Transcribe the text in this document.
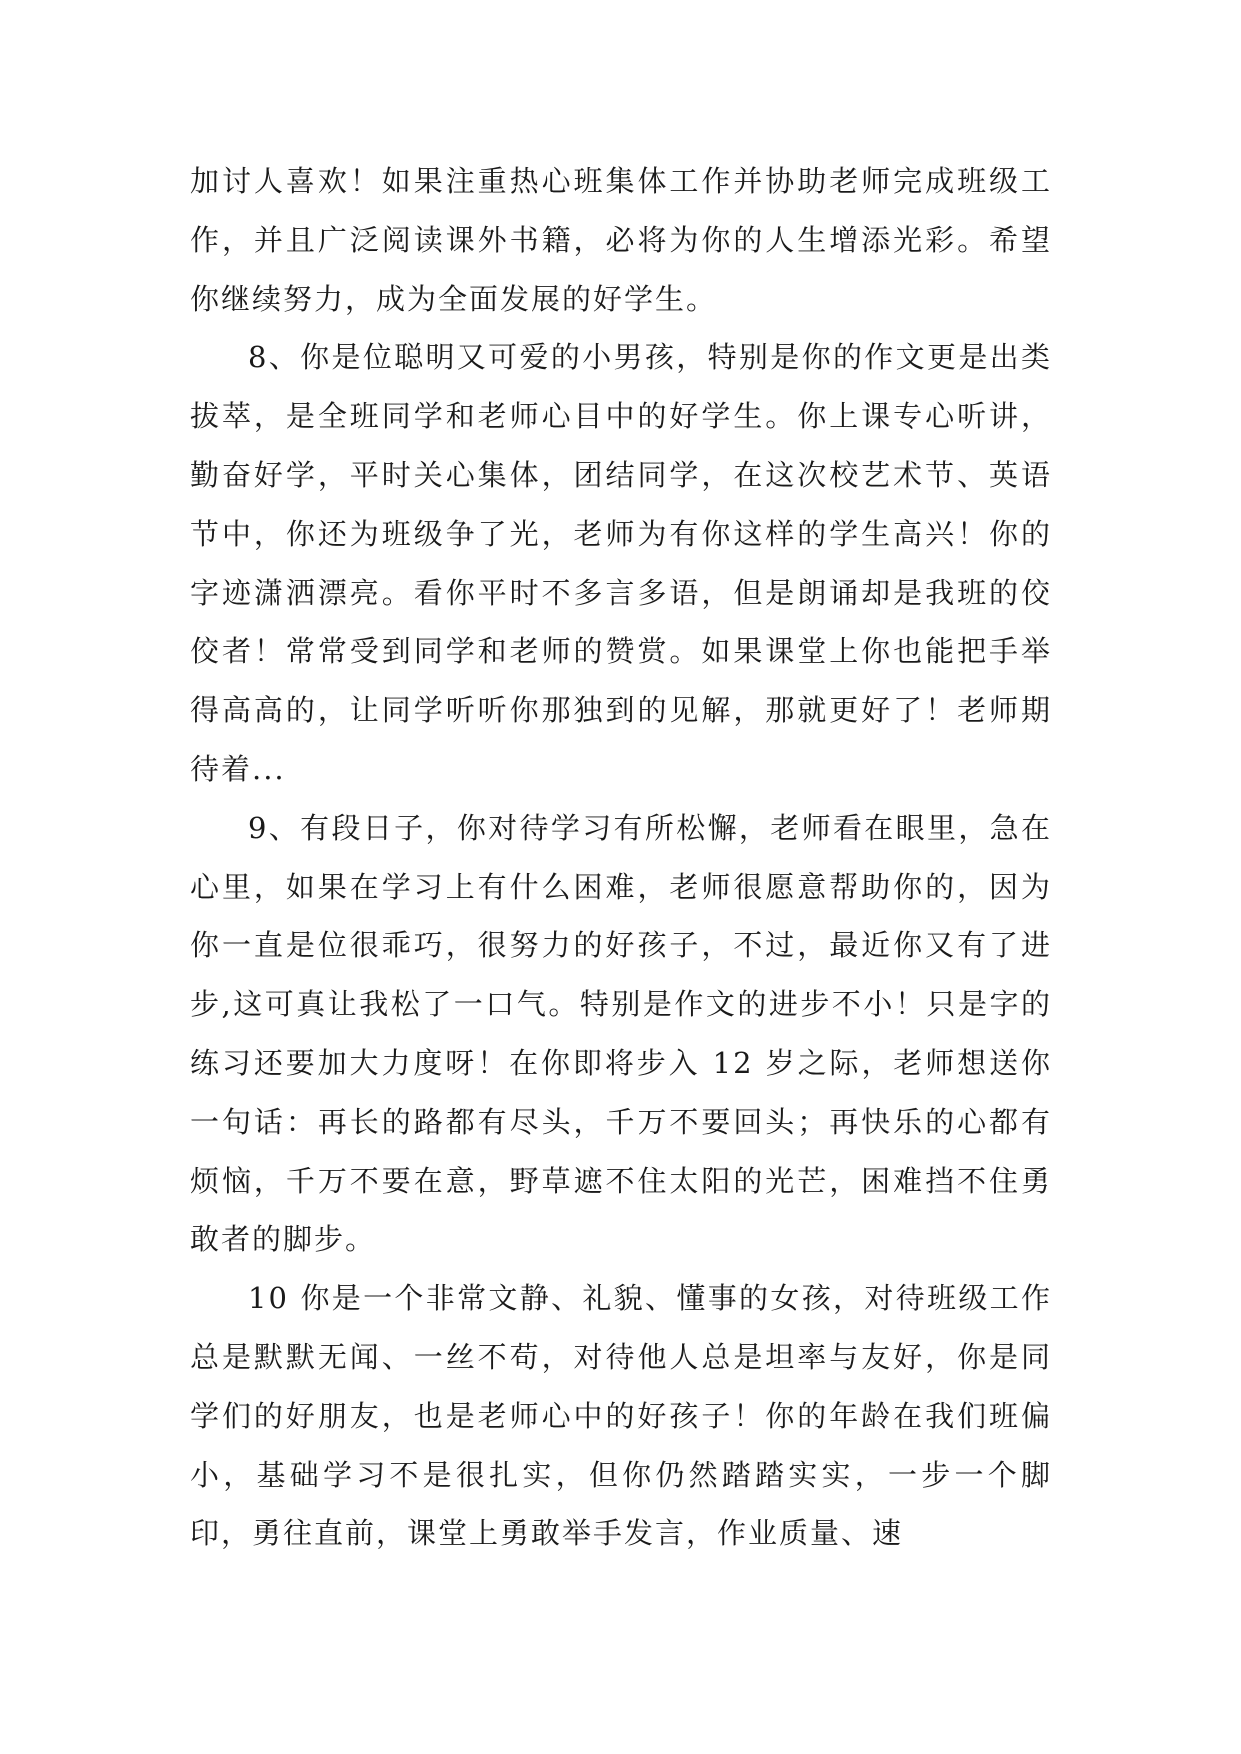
加讨人喜欢！如果注重热心班集体工作并协助老师完成班级工作，并且广泛阅读课外书籍，必将为你的人生增添光彩。希望你继续努力，成为全面发展的好学生。

8、你是位聪明又可爱的小男孩，特别是你的作文更是出类拔萃，是全班同学和老师心目中的好学生。你上课专心听讲，勤奋好学，平时关心集体，团结同学，在这次校艺术节、英语节中，你还为班级争了光，老师为有你这样的学生高兴！你的字迹潇洒漂亮。看你平时不多言多语，但是朗诵却是我班的佼佼者！常常受到同学和老师的赞赏。如果课堂上你也能把手举得高高的，让同学听听你那独到的见解，那就更好了！老师期待着...

9、有段日子，你对待学习有所松懈，老师看在眼里，急在心里，如果在学习上有什么困难，老师很愿意帮助你的，因为你一直是位很乖巧，很努力的好孩子，不过，最近你又有了进步,这可真让我松了一口气。特别是作文的进步不小！只是字的练习还要加大力度呀！在你即将步入 12 岁之际，老师想送你一句话：再长的路都有尽头，千万不要回头；再快乐的心都有烦恼，千万不要在意，野草遮不住太阳的光芒，困难挡不住勇敢者的脚步。

10 你是一个非常文静、礼貌、懂事的女孩，对待班级工作总是默默无闻、一丝不苟，对待他人总是坦率与友好，你是同学们的好朋友，也是老师心中的好孩子！你的年龄在我们班偏小，基础学习不是很扎实，但你仍然踏踏实实，一步一个脚印，勇往直前，课堂上勇敢举手发言，作业质量、速
